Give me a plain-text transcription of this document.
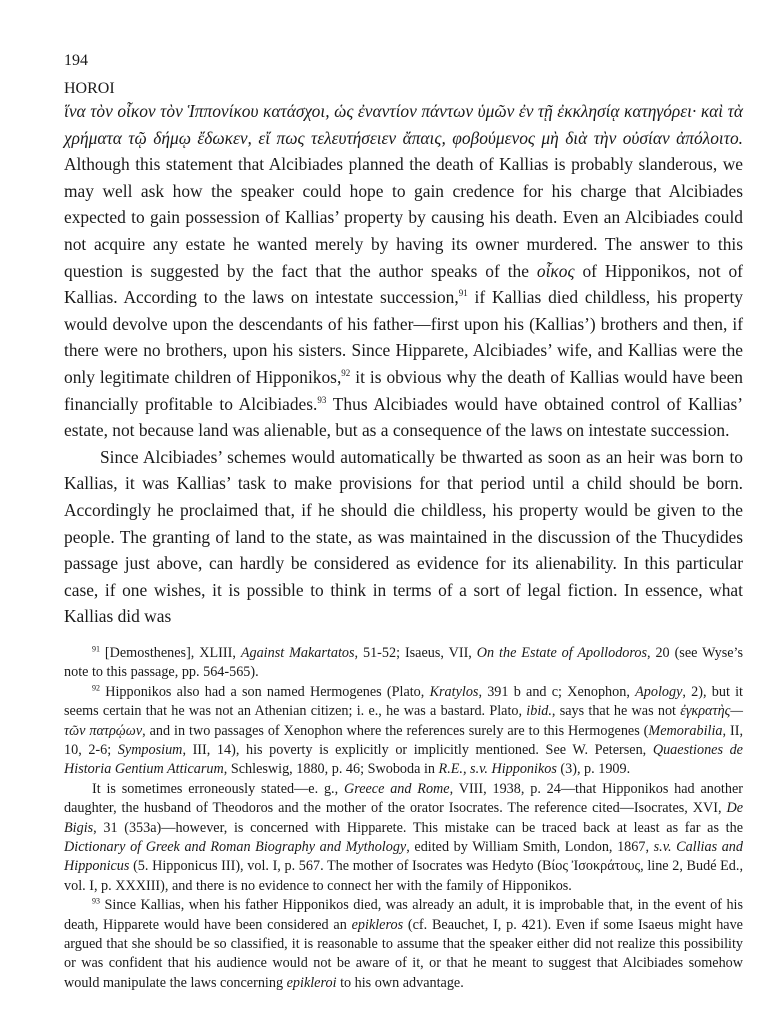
194
HOROI

ἵνα τὸν οἶκον τὸν Ἱππονίκου κατάσχοι, ὡς ἐναντίον πάντων ὑμῶν ἐν τῇ ἐκκλησίᾳ κατηγόρει· καὶ τὰ χρήματα τῷ δήμῳ ἔδωκεν, εἴ πως τελευτήσειεν ἄπαις, φοβούμενος μὴ διὰ τὴν οὐσίαν ἀπόλοιτο. Although this statement that Alcibiades planned the death of Kallias is probably slanderous, we may well ask how the speaker could hope to gain credence for his charge that Alcibiades expected to gain possession of Kallias’ property by causing his death. Even an Alcibiades could not acquire any estate he wanted merely by having its owner murdered. The answer to this question is suggested by the fact that the author speaks of the οἶκος of Hipponikos, not of Kallias. According to the laws on intestate succession,$^{91}$ if Kallias died childless, his property would devolve upon the descendants of his father—first upon his (Kallias’) brothers and then, if there were no brothers, upon his sisters. Since Hipparete, Alcibiades’ wife, and Kallias were the only legitimate children of Hipponikos,$^{92}$ it is obvious why the death of Kallias would have been financially profitable to Alcibiades.$^{93}$ Thus Alcibiades would have obtained control of Kallias’ estate, not because land was alienable, but as a consequence of the laws on intestate succession.

Since Alcibiades’ schemes would automatically be thwarted as soon as an heir was born to Kallias, it was Kallias’ task to make provisions for that period until a child should be born. Accordingly he proclaimed that, if he should die childless, his property would be given to the people. The granting of land to the state, as was maintained in the discussion of the Thucydides passage just above, can hardly be considered as evidence for its alienability. In this particular case, if one wishes, it is possible to think in terms of a sort of legal fiction. In essence, what Kallias did was

$^{91}$ [Demosthenes], XLIII, Against Makartatos, 51-52; Isaeus, VII, On the Estate of Apollodoros, 20 (see Wyse’s note to this passage, pp. 564-565).

$^{92}$ Hipponikos also had a son named Hermogenes (Plato, Kratylos, 391 b and c; Xenophon, Apology, 2), but it seems certain that he was not an Athenian citizen; i. e., he was a bastard. Plato, ibid., says that he was not ἐγκρατὴς—τῶν πατρῴων, and in two passages of Xenophon where the references surely are to this Hermogenes (Memorabilia, II, 10, 2-6; Symposium, III, 14), his poverty is explicitly or implicitly mentioned. See W. Petersen, Quaestiones de Historia Gentium Atticarum, Schleswig, 1880, p. 46; Swoboda in R.E., s.v. Hipponikos (3), p. 1909.

It is sometimes erroneously stated—e. g., Greece and Rome, VIII, 1938, p. 24—that Hipponikos had another daughter, the husband of Theodoros and the mother of the orator Isocrates. The reference cited—Isocrates, XVI, De Bigis, 31 (353a)—however, is concerned with Hipparete. This mistake can be traced back at least as far as the Dictionary of Greek and Roman Biography and Mythology, edited by William Smith, London, 1867, s.v. Callias and Hipponicus (5. Hipponicus III), vol. I, p. 567. The mother of Isocrates was Hedyto (Βίος Ἰσοκράτους, line 2, Budé Ed., vol. I, p. XXXIII), and there is no evidence to connect her with the family of Hipponikos.

$^{93}$ Since Kallias, when his father Hipponikos died, was already an adult, it is improbable that, in the event of his death, Hipparete would have been considered an epikleros (cf. Beauchet, I, p. 421). Even if some Isaeus might have argued that she should be so classified, it is reasonable to assume that the speaker either did not realize this possibility or was confident that his audience would not be aware of it, or that he meant to suggest that Alcibiades somehow would manipulate the laws concerning epikleroi to his own advantage.
